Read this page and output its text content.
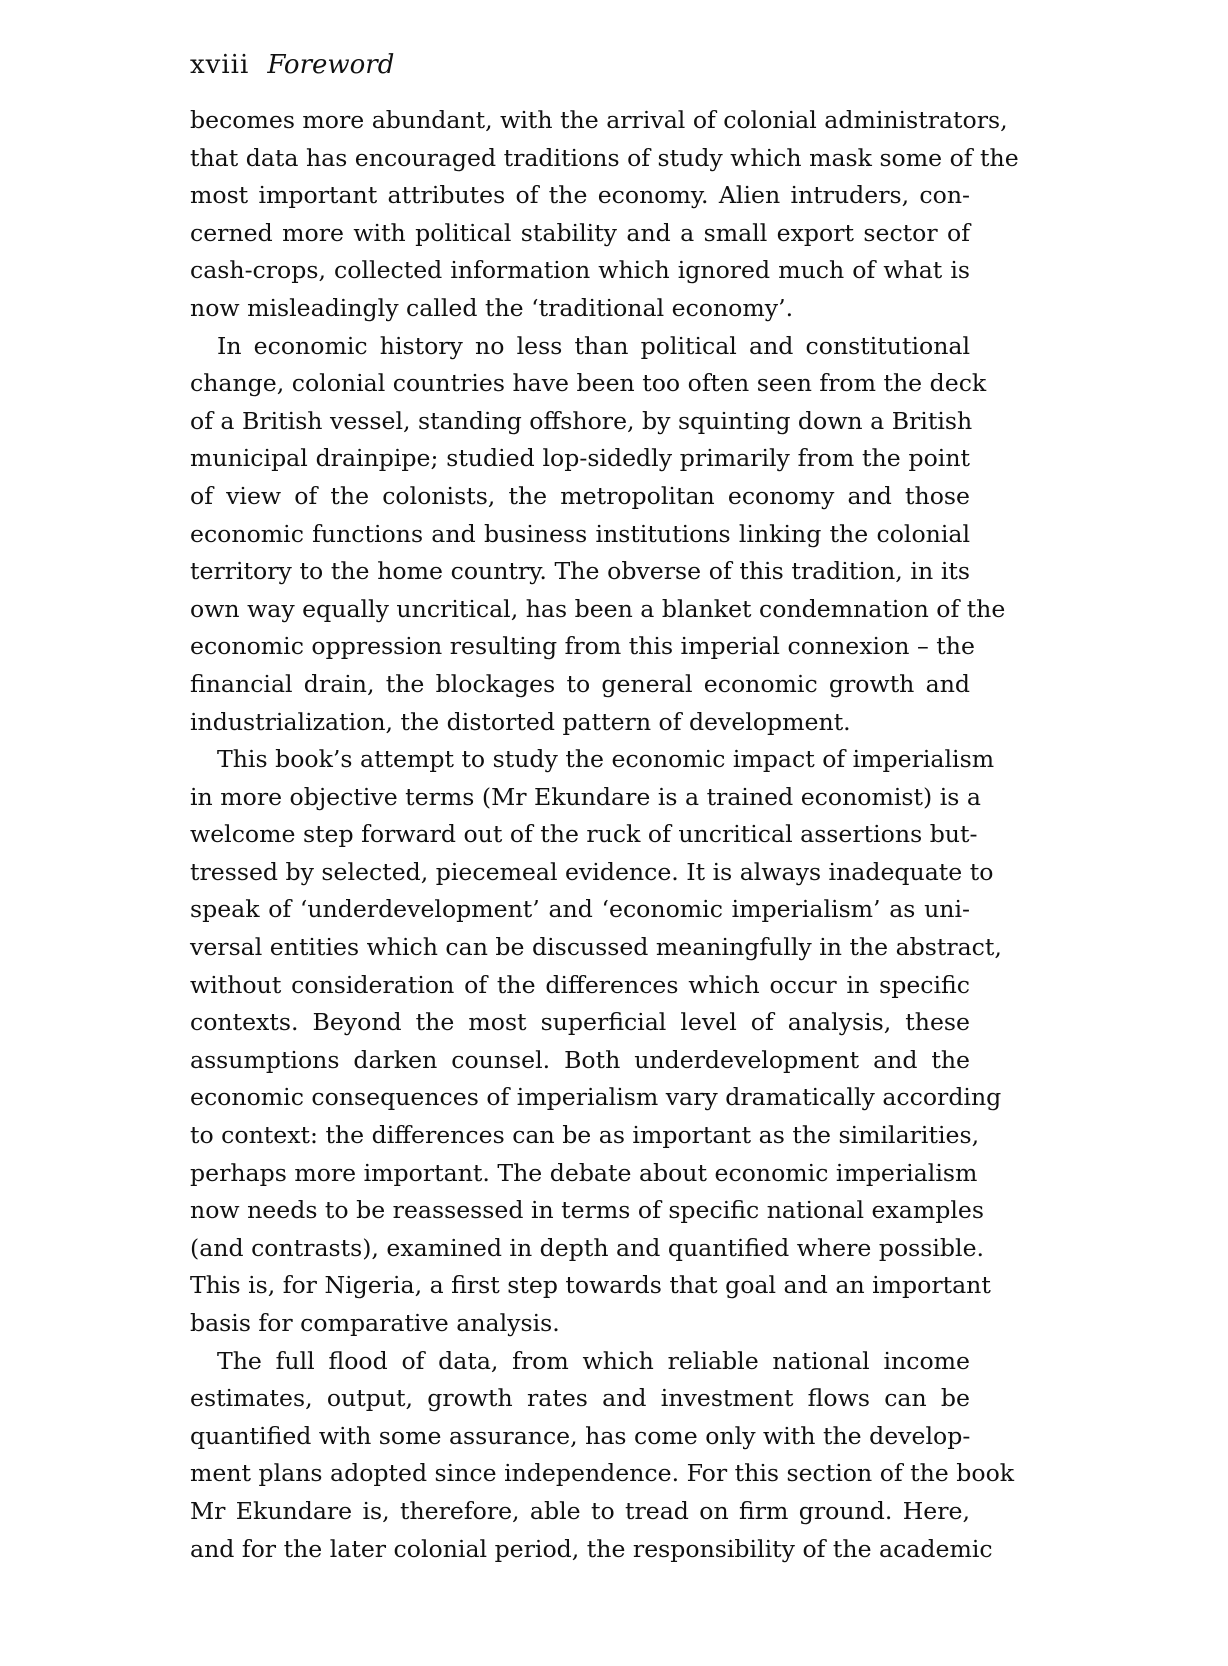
xviii Foreword
becomes more abundant, with the arrival of colonial administrators,
that data has encouraged traditions of study which mask some of the
most important attributes of the economy. Alien intruders, con-
cerned more with political stability and a small export sector of
cash-crops, collected information which ignored much of what is
now misleadingly called the ‘traditional economy’.
In economic history no less than political and constitutional
change, colonial countries have been too often seen from the deck
of a British vessel, standing offshore, by squinting down a British
municipal drainpipe; studied lop-sidedly primarily from the point
of view of the colonists, the metropolitan economy and those
economic functions and business institutions linking the colonial
territory to the home country. The obverse of this tradition, in its
own way equally uncritical, has been a blanket condemnation of the
economic oppression resulting from this imperial connexion – the
financial drain, the blockages to general economic growth and
industrialization, the distorted pattern of development.
This book’s attempt to study the economic impact of imperialism
in more objective terms (Mr Ekundare is a trained economist) is a
welcome step forward out of the ruck of uncritical assertions but-
tressed by selected, piecemeal evidence. It is always inadequate to
speak of ‘underdevelopment’ and ‘economic imperialism’ as uni-
versal entities which can be discussed meaningfully in the abstract,
without consideration of the differences which occur in specific
contexts. Beyond the most superficial level of analysis, these
assumptions darken counsel. Both underdevelopment and the
economic consequences of imperialism vary dramatically according
to context: the differences can be as important as the similarities,
perhaps more important. The debate about economic imperialism
now needs to be reassessed in terms of specific national examples
(and contrasts), examined in depth and quantified where possible.
This is, for Nigeria, a first step towards that goal and an important
basis for comparative analysis.
The full flood of data, from which reliable national income
estimates, output, growth rates and investment flows can be
quantified with some assurance, has come only with the develop-
ment plans adopted since independence. For this section of the book
Mr Ekundare is, therefore, able to tread on firm ground. Here,
and for the later colonial period, the responsibility of the academic
